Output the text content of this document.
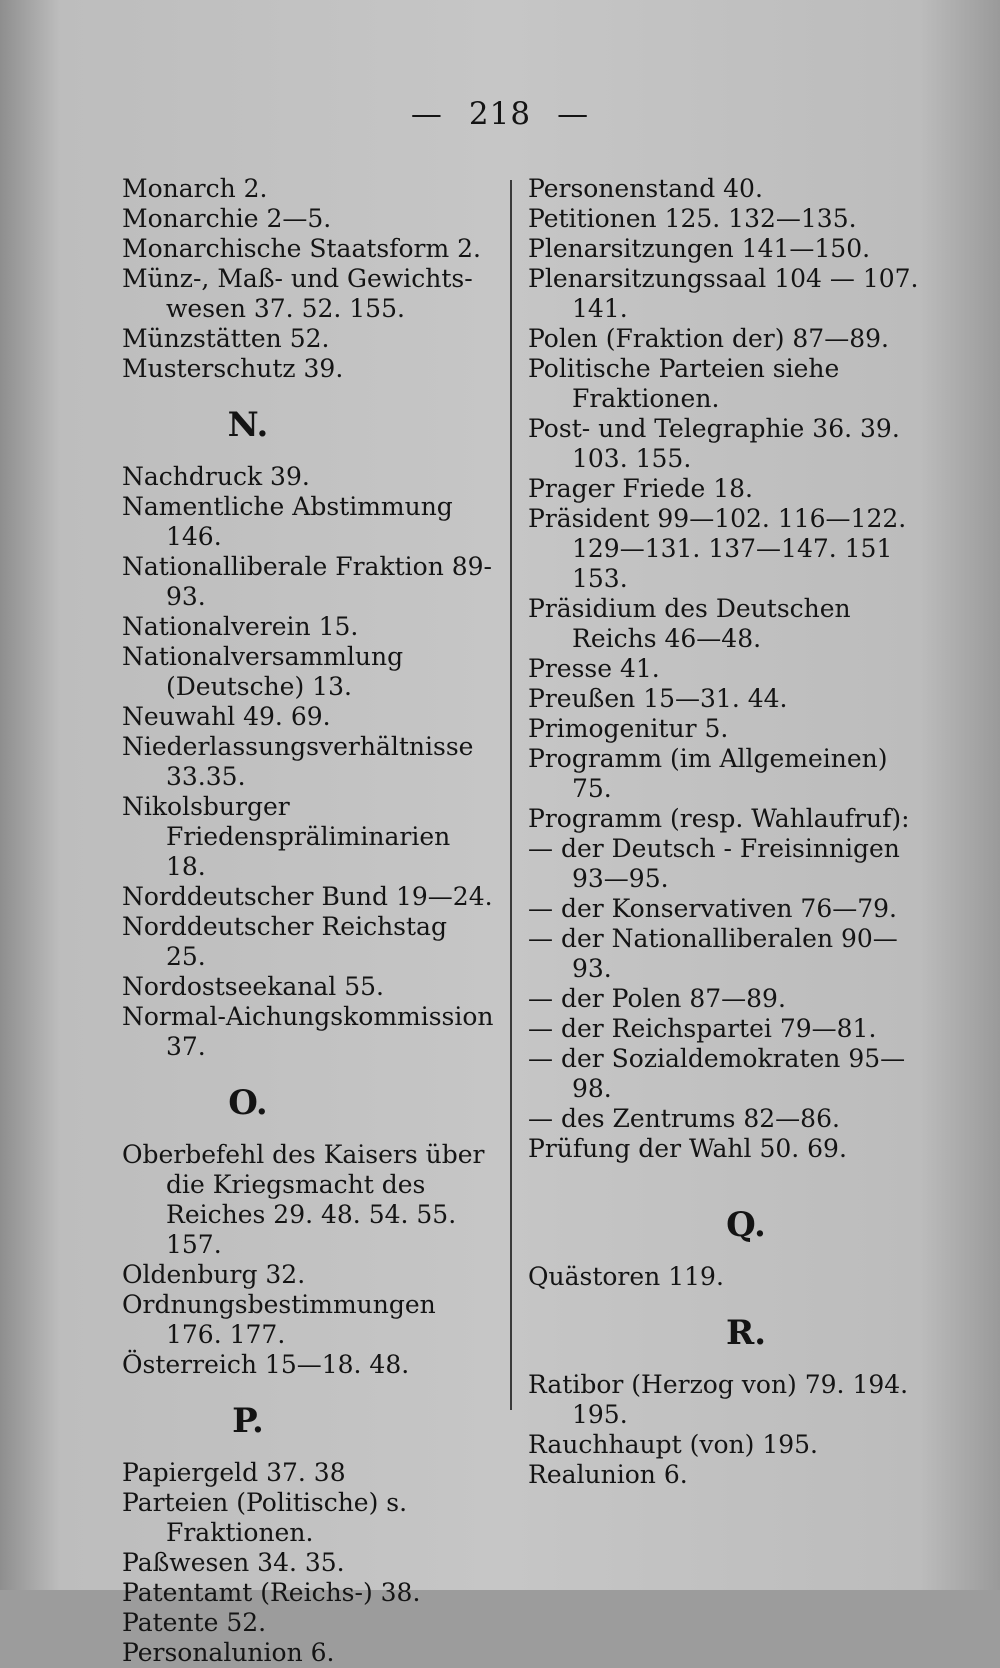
— 218 —

Monarch 2.

Monarchie 2—5.

Monarchische Staatsform 2.

Münz-, Maß- und Gewichts-wesen 37. 52. 155.

Münzstätten 52.

Musterschutz 39.

N.

Nachdruck 39.

Namentliche Abstimmung 146.

Nationalliberale Fraktion 89-93.

Nationalverein 15.

Nationalversammlung (Deutsche) 13.

Neuwahl 49. 69.

Niederlassungsverhältnisse 33.35.

Nikolsburger Friedenspräliminarien 18.

Norddeutscher Bund 19—24.

Norddeutscher Reichstag 25.

Nordostseekanal 55.

Normal-Aichungskommission 37.

O.

Oberbefehl des Kaisers über die Kriegsmacht des Reiches 29. 48. 54. 55. 157.

Oldenburg 32.

Ordnungsbestimmungen 176. 177.

Österreich 15—18. 48.

P.

Papiergeld 37. 38

Parteien (Politische) s. Fraktionen.

Paßwesen 34. 35.

Patentamt (Reichs-) 38.

Patente 52.

Personalunion 6.

Personenstand 40.

Petitionen 125. 132—135.

Plenarsitzungen 141—150.

Plenarsitzungssaal 104 — 107. 141.

Polen (Fraktion der) 87—89.

Politische Parteien siehe Fraktionen.

Post- und Telegraphie 36. 39. 103. 155.

Prager Friede 18.

Präsident 99—102. 116—122. 129—131. 137—147. 151 153.

Präsidium des Deutschen Reichs 46—48.

Presse 41.

Preußen 15—31. 44.

Primogenitur 5.

Programm (im Allgemeinen) 75.

Programm (resp. Wahlaufruf):

— der Deutsch - Freisinnigen 93—95.

— der Konservativen 76—79.

— der Nationalliberalen 90—93.

— der Polen 87—89.

— der Reichspartei 79—81.

— der Sozialdemokraten 95—98.

— des Zentrums 82—86.

Prüfung der Wahl 50. 69.

Q.

Quästoren 119.

R.

Ratibor (Herzog von) 79. 194. 195.

Rauchhaupt (von) 195.

Realunion 6.
